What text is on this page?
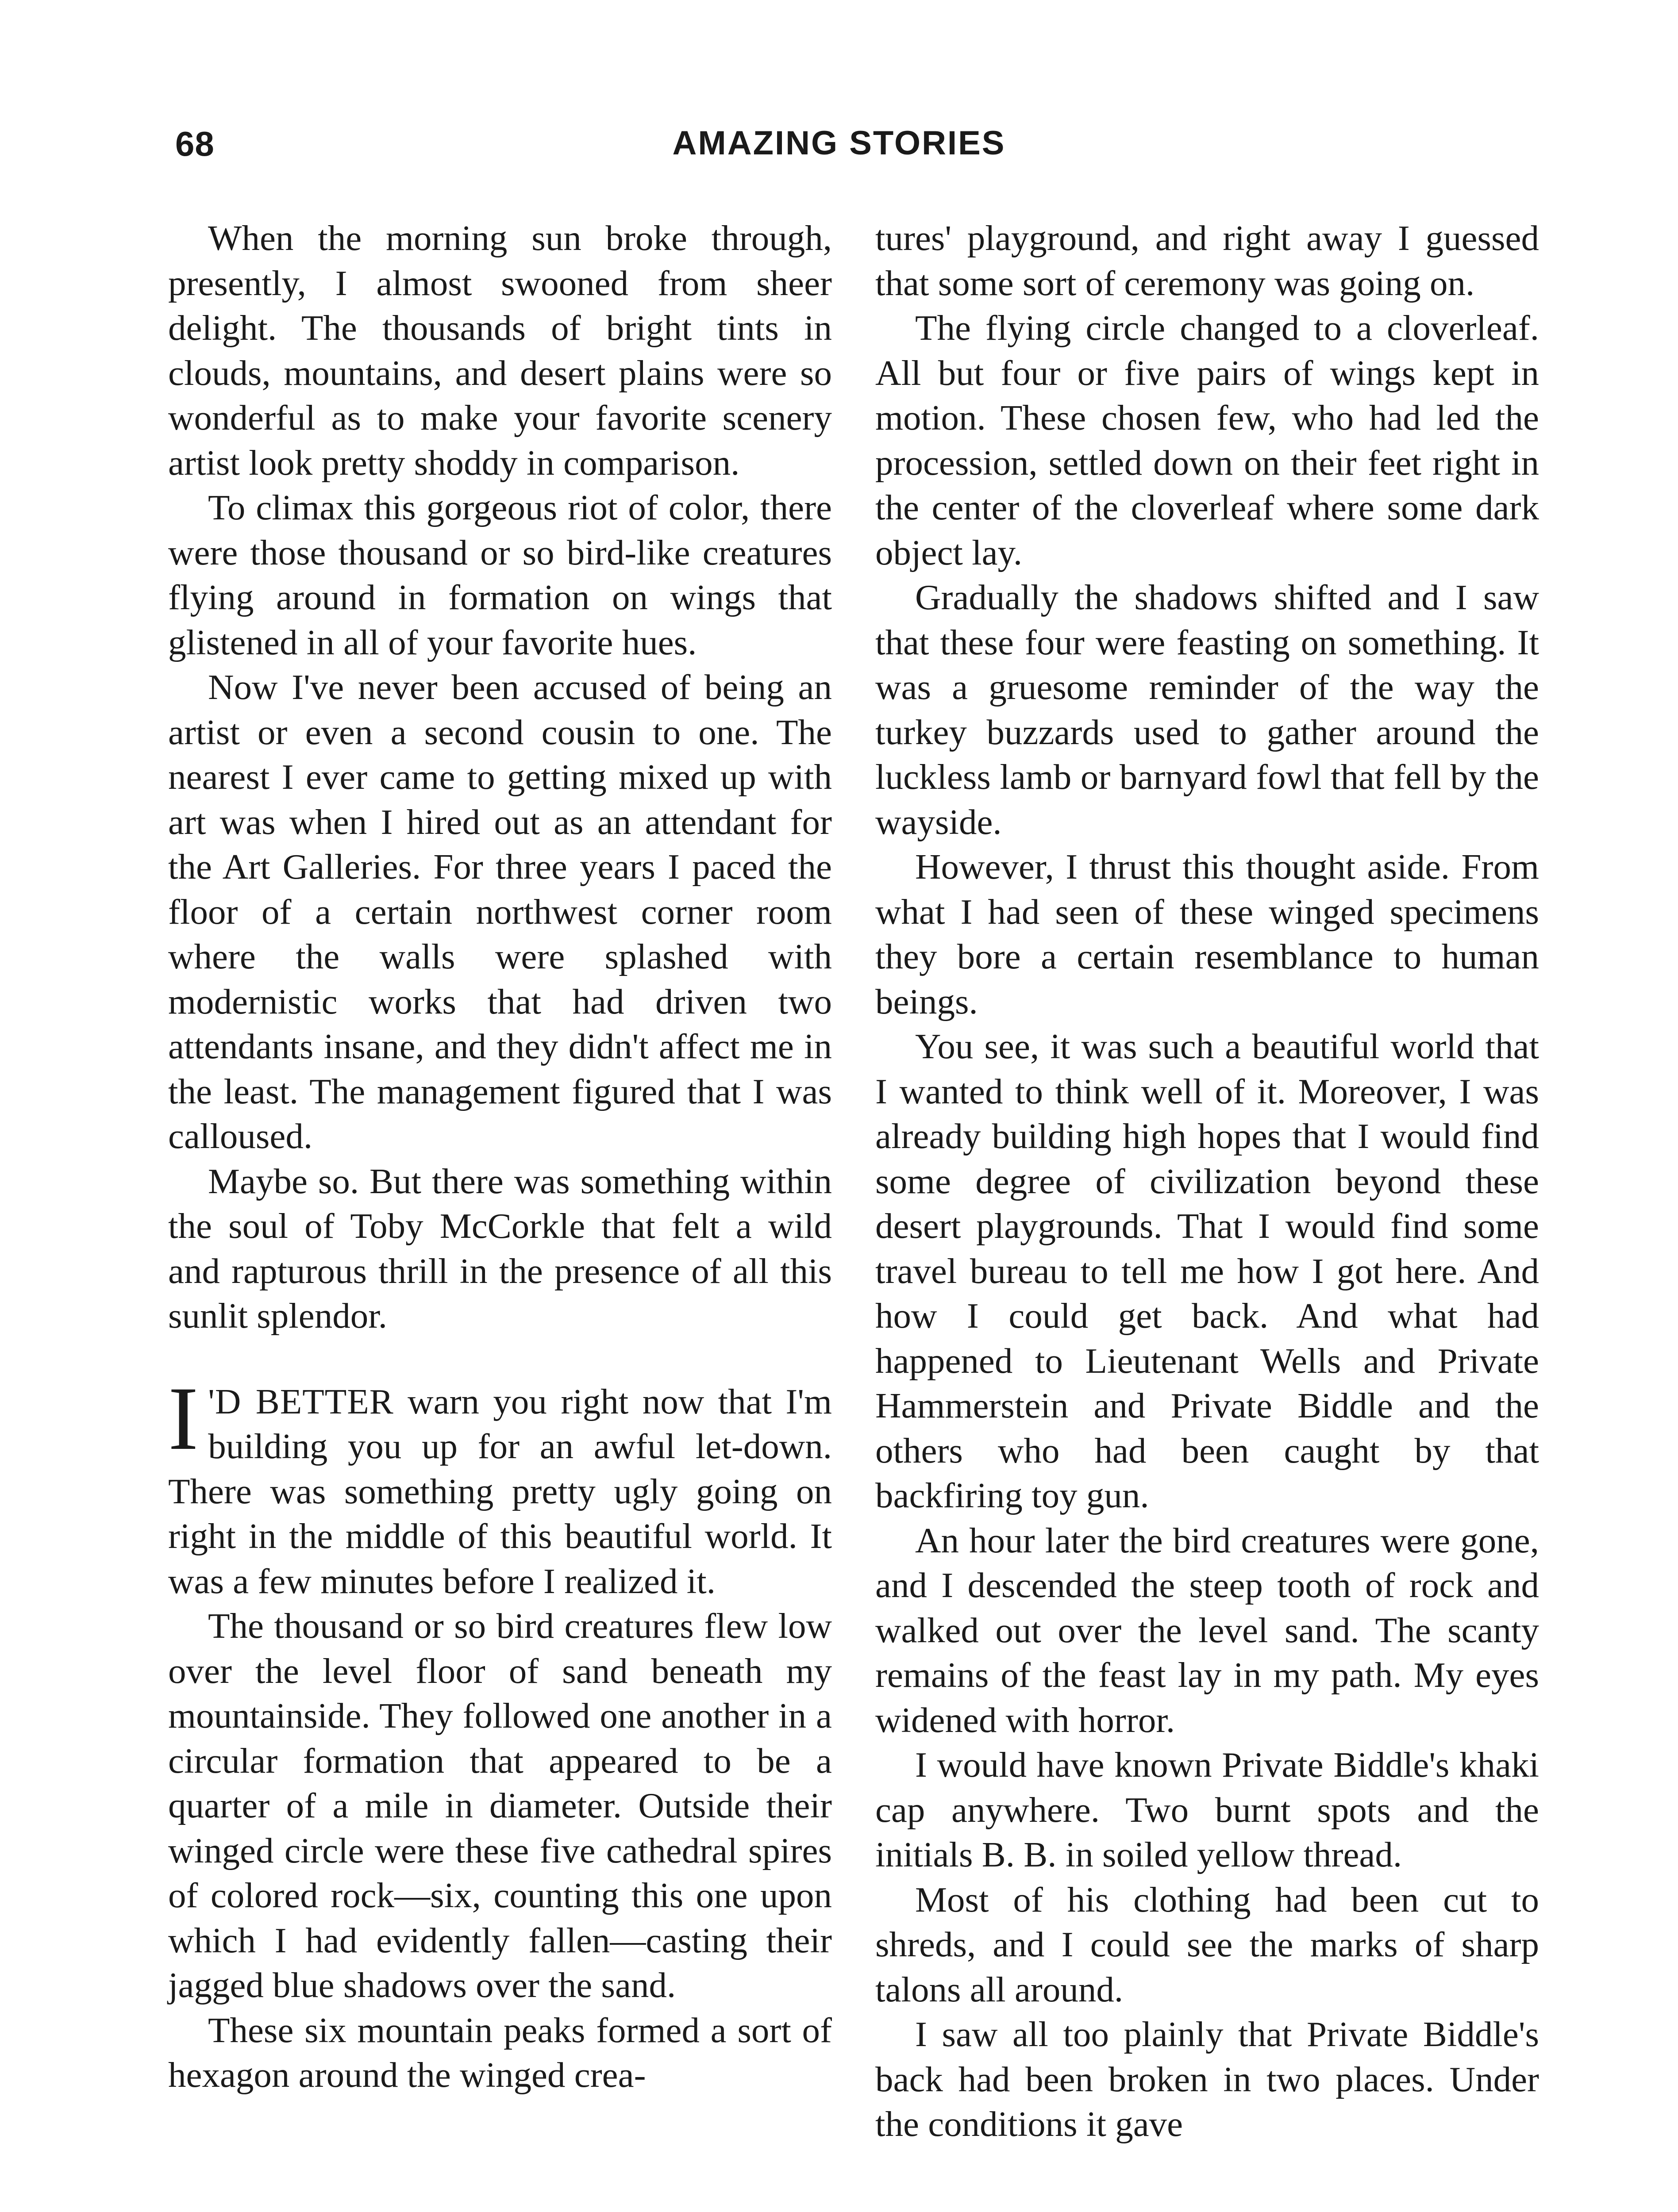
68	AMAZING STORIES

When the morning sun broke through, presently, I almost swooned from sheer delight. The thousands of bright tints in clouds, mountains, and desert plains were so wonderful as to make your favorite scenery artist look pretty shoddy in comparison.

To climax this gorgeous riot of color, there were those thousand or so bird-like creatures flying around in formation on wings that glistened in all of your favorite hues.

Now I've never been accused of being an artist or even a second cousin to one. The nearest I ever came to getting mixed up with art was when I hired out as an attendant for the Art Galleries. For three years I paced the floor of a certain northwest corner room where the walls were splashed with modernistic works that had driven two attendants insane, and they didn't affect me in the least. The management figured that I was calloused.

Maybe so. But there was something within the soul of Toby McCorkle that felt a wild and rapturous thrill in the presence of all this sunlit splendor.

I 'D BETTER warn you right now that I'm building you up for an awful let-down. There was something pretty ugly going on right in the middle of this beautiful world. It was a few minutes before I realized it.

The thousand or so bird creatures flew low over the level floor of sand beneath my mountainside. They followed one another in a circular formation that appeared to be a quarter of a mile in diameter. Outside their winged circle were these five cathedral spires of colored rock—six, counting this one upon which I had evidently fallen—casting their jagged blue shadows over the sand.

These six mountain peaks formed a sort of hexagon around the winged crea-

tures' playground, and right away I guessed that some sort of ceremony was going on.

The flying circle changed to a cloverleaf. All but four or five pairs of wings kept in motion. These chosen few, who had led the procession, settled down on their feet right in the center of the cloverleaf where some dark object lay.

Gradually the shadows shifted and I saw that these four were feasting on something. It was a gruesome reminder of the way the turkey buzzards used to gather around the luckless lamb or barnyard fowl that fell by the wayside.

However, I thrust this thought aside. From what I had seen of these winged specimens they bore a certain resemblance to human beings.

You see, it was such a beautiful world that I wanted to think well of it. Moreover, I was already building high hopes that I would find some degree of civilization beyond these desert playgrounds. That I would find some travel bureau to tell me how I got here. And how I could get back. And what had happened to Lieutenant Wells and Private Hammerstein and Private Biddle and the others who had been caught by that backfiring toy gun.

An hour later the bird creatures were gone, and I descended the steep tooth of rock and walked out over the level sand. The scanty remains of the feast lay in my path. My eyes widened with horror.

I would have known Private Biddle's khaki cap anywhere. Two burnt spots and the initials B. B. in soiled yellow thread.

Most of his clothing had been cut to shreds, and I could see the marks of sharp talons all around.

I saw all too plainly that Private Biddle's back had been broken in two places. Under the conditions it gave
